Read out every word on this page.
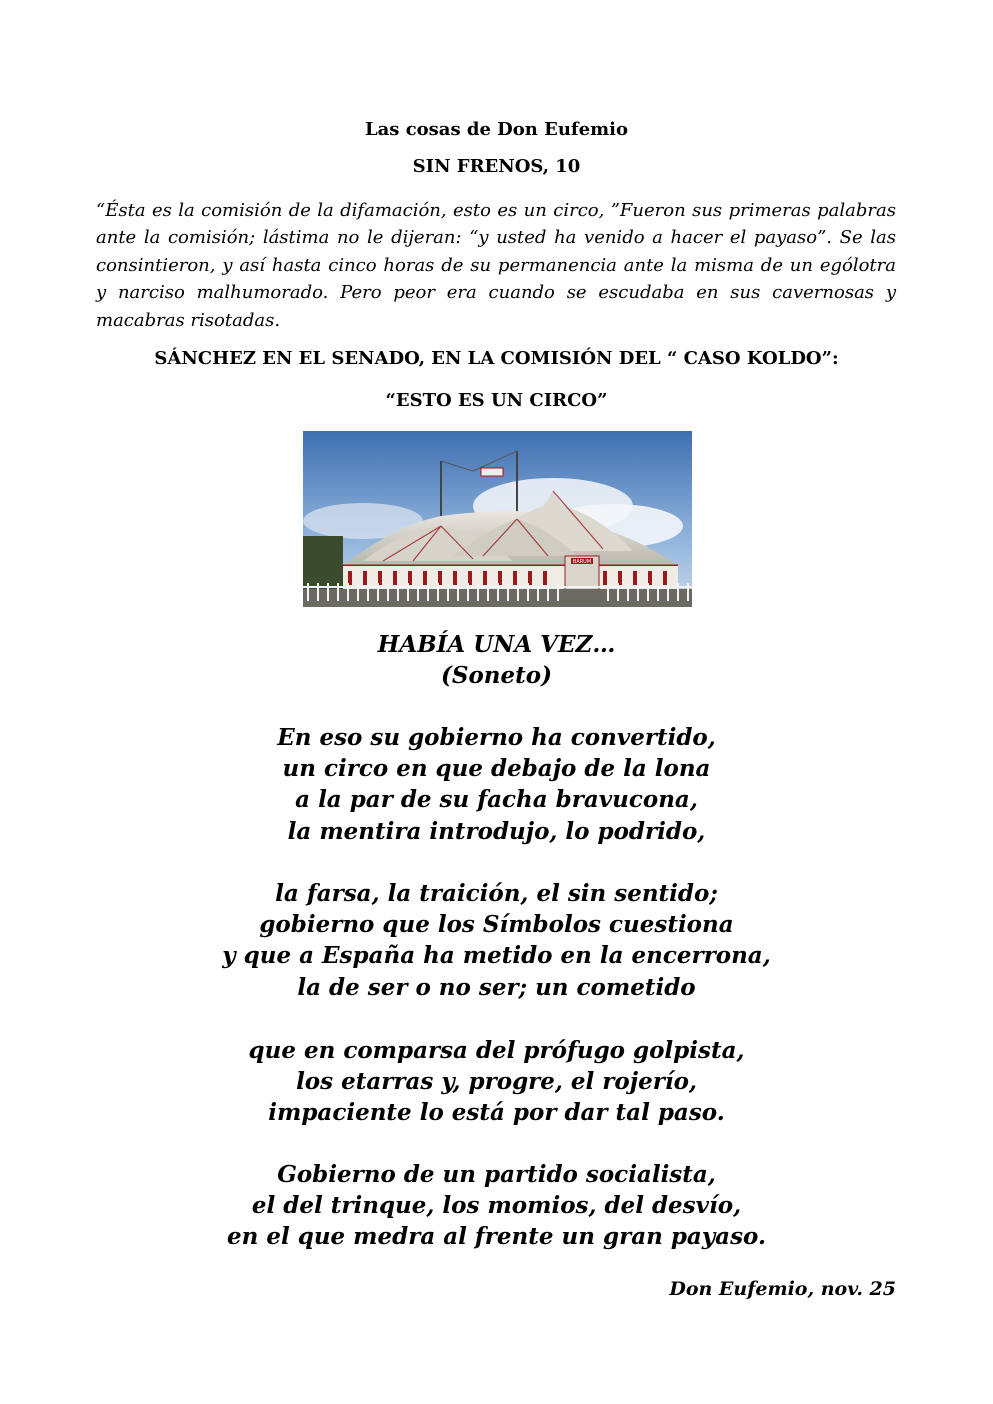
Las cosas de Don Eufemio
SIN FRENOS, 10
“Ésta es la comisión de la difamación, esto es un circo, ”Fueron sus primeras palabras ante la comisión; lástima no le dijeran: “y usted ha venido a hacer el payaso”. Se las consintieron, y así hasta cinco horas de su permanencia ante la misma de un ególotra y narciso malhumorado. Pero peor era cuando se escudaba en sus cavernosas y macabras risotadas.
SÁNCHEZ EN EL SENADO, EN LA COMISIÓN DEL “ CASO KOLDO”:
“ESTO ES UN CIRCO”
BARUM
HABÍA UNA VEZ…
(Soneto)
En eso su gobierno ha convertido,
un circo en que debajo de la lona
a la par de su facha bravucona,
la mentira introdujo, lo podrido,
la farsa, la traición, el sin sentido;
gobierno que los Símbolos cuestiona
y que a España ha metido en la encerrona,
la de ser o no ser; un cometido
que en comparsa del prófugo golpista,
los etarras y, progre, el rojerío,
impaciente lo está por dar tal paso.
Gobierno de un partido socialista,
el del trinque, los momios, del desvío,
en el que medra al frente un gran payaso.
Don Eufemio, nov. 25
